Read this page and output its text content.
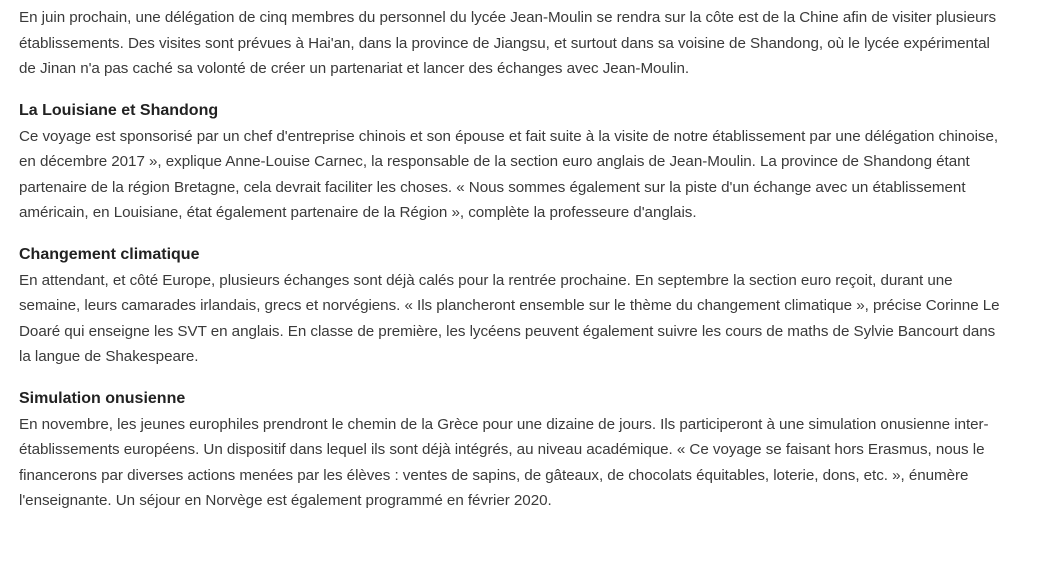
En juin prochain, une délégation de cinq membres du personnel du lycée Jean-Moulin se rendra sur la côte est de la Chine afin de visiter plusieurs établissements. Des visites sont prévues à Hai'an, dans la province de Jiangsu, et surtout dans sa voisine de Shandong, où le lycée expérimental de Jinan n'a pas caché sa volonté de créer un partenariat et lancer des échanges avec Jean-Moulin.

La Louisiane et Shandong

Ce voyage est sponsorisé par un chef d'entreprise chinois et son épouse et fait suite à la visite de notre établissement par une délégation chinoise, en décembre 2017 », explique Anne-Louise Carnec, la responsable de la section euro anglais de Jean-Moulin. La province de Shandong étant partenaire de la région Bretagne, cela devrait faciliter les choses. « Nous sommes également sur la piste d'un échange avec un établissement américain, en Louisiane, état également partenaire de la Région », complète la professeure d'anglais.

Changement climatique

En attendant, et côté Europe, plusieurs échanges sont déjà calés pour la rentrée prochaine. En septembre la section euro reçoit, durant une semaine, leurs camarades irlandais, grecs et norvégiens. « Ils plancheront ensemble sur le thème du changement climatique », précise Corinne Le Doaré qui enseigne les SVT en anglais. En classe de première, les lycéens peuvent également suivre les cours de maths de Sylvie Bancourt dans la langue de Shakespeare.

Simulation onusienne

En novembre, les jeunes europhiles prendront le chemin de la Grèce pour une dizaine de jours. Ils participeront à une simulation onusienne inter-établissements européens. Un dispositif dans lequel ils sont déjà intégrés, au niveau académique. « Ce voyage se faisant hors Erasmus, nous le financerons par diverses actions menées par les élèves : ventes de sapins, de gâteaux, de chocolats équitables, loterie, dons, etc. », énumère l'enseignante. Un séjour en Norvège est également programmé en février 2020.
